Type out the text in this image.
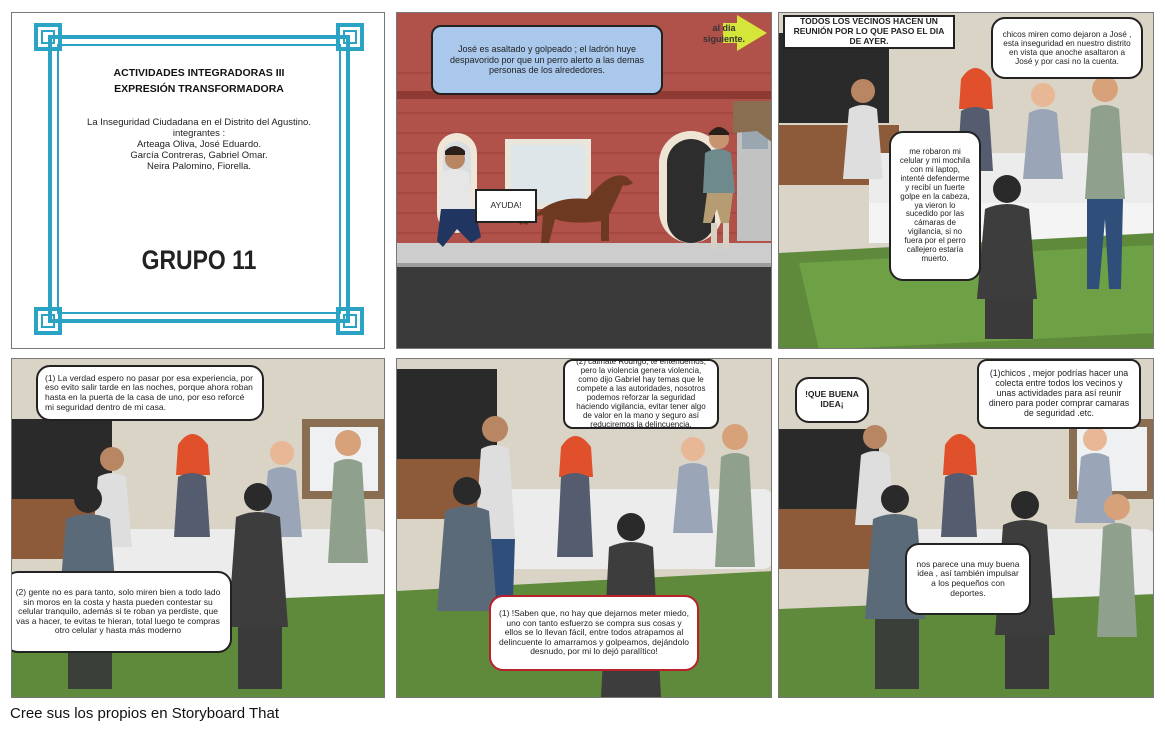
ACTIVIDADES INTEGRADORAS III EXPRESIÓN TRANSFORMADORA
La Inseguridad Ciudadana en el Distrito del Agustino.
integrantes :
Arteaga Oliva, José Eduardo.
García Contreras, Gabriel Omar.
Neira Palomino, Fiorella.
GRUPO 11
José es asaltado y golpeado ; el ladrón huye despavorido por que un perro alerto a las demas personas de los alrededores.
al dia siguiente.
AYUDA!
TODOS LOS VECINOS HACEN UN REUNIÓN POR LO QUE PASO EL DIA DE AYER.
chicos miren como dejaron a José , esta inseguridad en nuestro distrito en vista que anoche asaltaron a José y por casi no la cuenta.
me robaron mi celular y mi mochila con mi laptop, intenté defenderme y recibí un fuerte golpe en la cabeza, ya vieron lo sucedido por las cámaras de vigilancia, si no fuera por el perro callejero estaría muerto.
(1) La verdad espero no pasar por esa experiencia, por eso evito salir tarde en las noches, porque ahora roban hasta en la puerta de la casa de uno, por eso reforcé mi seguridad dentro de mi casa.
(2) gente no es para tanto, solo miren bien a todo lado sin moros en la costa y hasta pueden contestar su celular tranquilo, además si te roban ya perdiste, que vas a hacer, te evitas te hieran, total luego te compras otro celular y hasta más moderno
(2) cálmate Rodrigo, te entendemos, pero la violencia genera violencia, como dijo Gabriel hay temas que le compete a las autoridades, nosotros podemos reforzar la seguridad haciendo vigilancia, evitar tener algo de valor en la mano y seguro así reduciremos la delincuencia.
(1) !Saben que, no hay que dejarnos meter miedo, uno con tanto esfuerzo se compra sus cosas y ellos se lo llevan fácil, entre todos atrapamos al delincuente lo amarramos y golpeamos, dejándolo desnudo, por mi lo dejó paralítico!
!QUE BUENA IDEA¡
(1)chicos , mejor podrías hacer una colecta entre todos los vecinos y unas actividades para así reunir dinero para poder comprar camaras de seguridad .etc.
nos parece una muy buena idea , así también impulsar a los pequeños con deportes.
Cree sus los propios en Storyboard That
